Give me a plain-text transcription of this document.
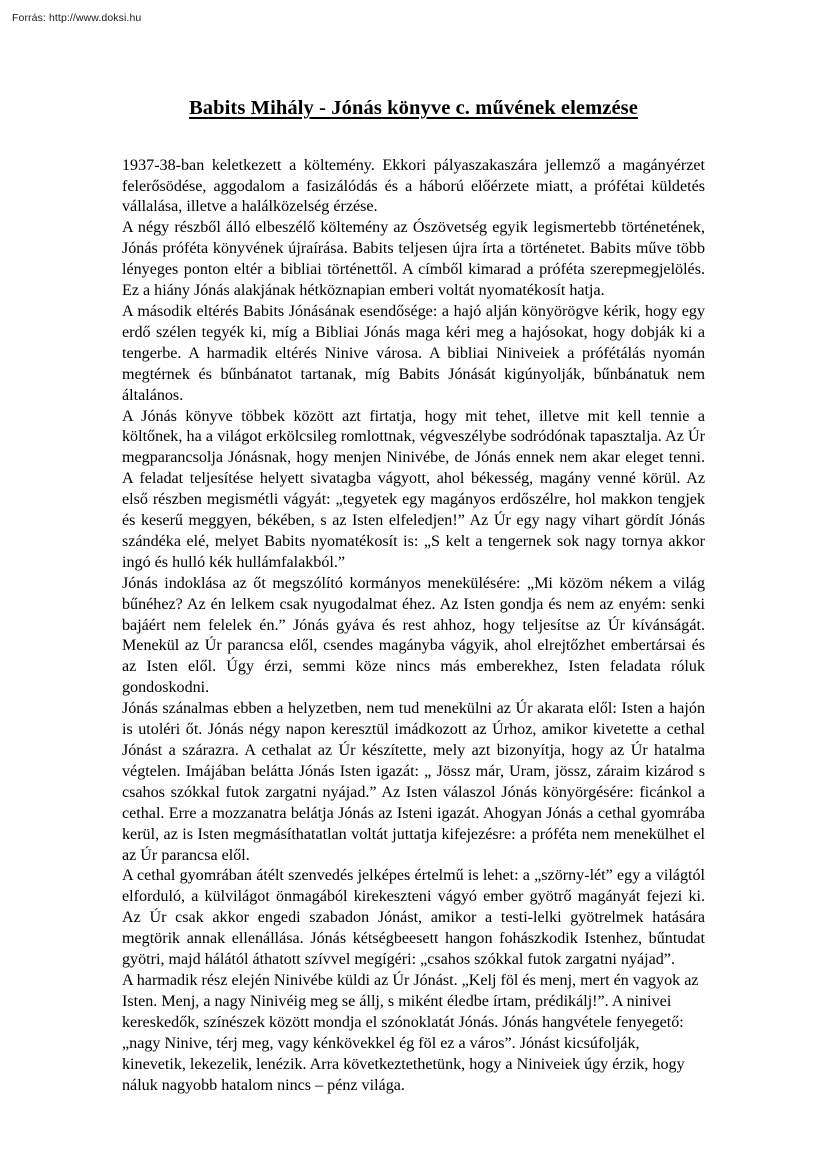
Forrás: http://www.doksi.hu
Babits Mihály - Jónás könyve c. művének elemzése

1937-38-ban keletkezett a költemény. Ekkori pályaszakaszára jellemző a magányérzet felerősödése, aggodalom a fasizálódás és a háború előérzete miatt, a prófétai küldetés vállalása, illetve a halálközelség érzése.

A négy részből álló elbeszélő költemény az Ószövetség egyik legismertebb történetének, Jónás próféta könyvének újraírása. Babits teljesen újra írta a történetet. Babits műve több lényeges ponton eltér a bibliai történettől. A címből kimarad a próféta szerepmegjelölés. Ez a hiány Jónás alakjának hétköznapian emberi voltát nyomatékosít hatja.

A második eltérés Babits Jónásának esendősége: a hajó alján könyörögve kérik, hogy egy erdő szélen tegyék ki, míg a Bibliai Jónás maga kéri meg a hajósokat, hogy dobják ki a tengerbe. A harmadik eltérés Ninive városa. A bibliai Niniveiek a prófétálás nyomán megtérnek és bűnbánatot tartanak, míg Babits Jónását kigúnyolják, bűnbánatuk nem általános.

A Jónás könyve többek között azt firtatja, hogy mit tehet, illetve mit kell tennie a költőnek, ha a világot erkölcsileg romlottnak, végveszélybe sodródónak tapasztalja. Az Úr megparancsolja Jónásnak, hogy menjen Ninivébe, de Jónás ennek nem akar eleget tenni. A feladat teljesítése helyett sivatagba vágyott, ahol békesség, magány venné körül. Az első részben megismétli vágyát: „tegyetek egy magányos erdőszélre, hol makkon tengjek és keserű meggyen, békében, s az Isten elfeledjen!” Az Úr egy nagy vihart gördít Jónás szándéka elé, melyet Babits nyomatékosít is: „S kelt a tengernek sok nagy tornya akkor ingó és hulló kék hullámfalakból.”

Jónás indoklása az őt megszólító kormányos menekülésére: „Mi közöm nékem a világ bűnéhez? Az én lelkem csak nyugodalmat éhez. Az Isten gondja és nem az enyém: senki bajáért nem felelek én.” Jónás gyáva és rest ahhoz, hogy teljesítse az Úr kívánságát. Menekül az Úr parancsa elől, csendes magányba vágyik, ahol elrejtőzhet embertársai és az Isten elől. Úgy érzi, semmi köze nincs más emberekhez, Isten feladata róluk gondoskodni.

Jónás szánalmas ebben a helyzetben, nem tud menekülni az Úr akarata elől: Isten a hajón is utoléri őt. Jónás négy napon keresztül imádkozott az Úrhoz, amikor kivetette a cethal Jónást a szárazra. A cethalat az Úr készítette, mely azt bizonyítja, hogy az Úr hatalma végtelen. Imájában belátta Jónás Isten igazát: „ Jössz már, Uram, jössz, záraim kizárod s csahos szókkal futok zargatni nyájad.” Az Isten válaszol Jónás könyörgésére: ficánkol a cethal. Erre a mozzanatra belátja Jónás az Isteni igazát. Ahogyan Jónás a cethal gyomrába kerül, az is Isten megmásíthatatlan voltát juttatja kifejezésre: a próféta nem menekülhet el az Úr parancsa elől.

A cethal gyomrában átélt szenvedés jelképes értelmű is lehet: a „szörny-lét” egy a világtól elforduló, a külvilágot önmagából kirekeszteni vágyó ember gyötrő magányát fejezi ki. Az Úr csak akkor engedi szabadon Jónást, amikor a testi-lelki gyötrelmek hatására megtörik annak ellenállása. Jónás kétségbeesett hangon fohászkodik Istenhez, bűntudat gyötri, majd hálától áthatott szívvel megígéri: „csahos szókkal futok zargatni nyájad”.

A harmadik rész elején Ninivébe küldi az Úr Jónást. „Kelj föl és menj, mert én vagyok az Isten. Menj, a nagy Ninivéig meg se állj, s miként éledbe írtam, prédikálj!”. A ninivei kereskedők, színészek között mondja el szónoklatát Jónás. Jónás hangvétele fenyegető: „nagy Ninive, térj meg, vagy kénkövekkel ég föl ez a város”. Jónást kicsúfolják, kinevetik, lekezelik, lenézik. Arra következtethetünk, hogy a Niniveiek úgy érzik, hogy náluk nagyobb hatalom nincs – pénz világa.
